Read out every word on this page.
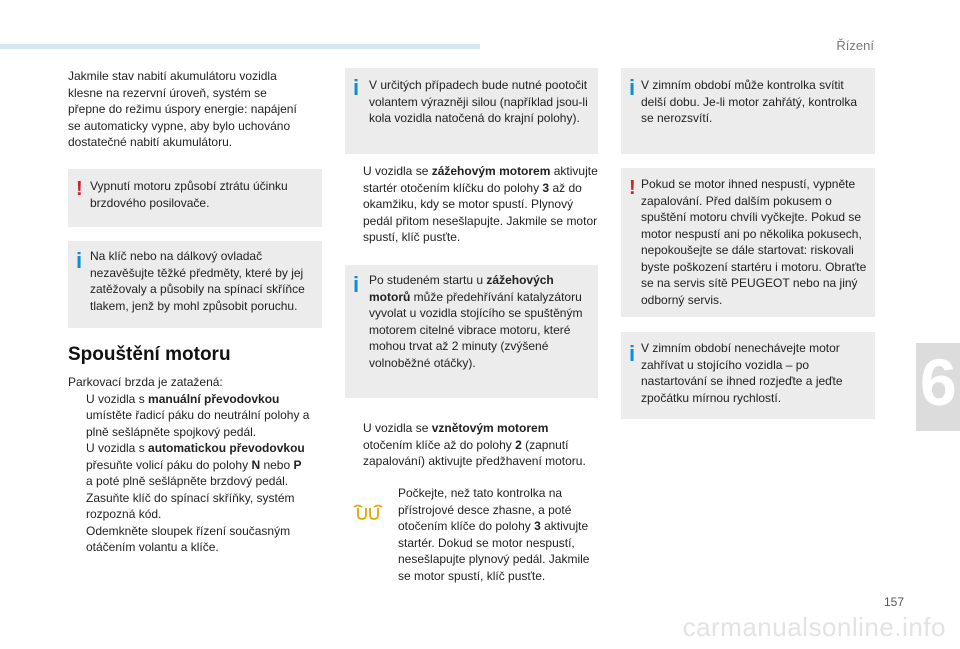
Řízení
6
Jakmile stav nabití akumulátoru vozidla klesne na rezervní úroveň, systém se přepne do režimu úspory energie: napájení se automaticky vypne, aby bylo uchováno dostatečné nabití akumulátoru.
! Vypnutí motoru způsobí ztrátu účinku brzdového posilovače.
i Na klíč nebo na dálkový ovladač nezavěšujte těžké předměty, které by jej zatěžovaly a působily na spínací skříňce tlakem, jenž by mohl způsobit poruchu.
Spouštění motoru
Parkovací brzda je zatažená:
U vozidla s manuální převodovkou
umístěte řadicí páku do neutrální polohy a plně sešlápněte spojkový pedál.
U vozidla s automatickou převodovkou
přesuňte volicí páku do polohy N nebo P
a poté plně sešlápněte brzdový pedál.
Zasuňte klíč do spínací skříňky, systém rozpozná kód.
Odemkněte sloupek řízení současným otáčením volantu a klíče.
i V určitých případech bude nutné pootočit volantem výrazněji silou (například jsou-li kola vozidla natočená do krajní polohy).
U vozidla se zážehovým motorem aktivujte startér otočením klíčku do polohy 3 až do okamžiku, kdy se motor spustí. Plynový pedál přitom nesešlapujte. Jakmile se motor spustí, klíč pusťte.
i Po studeném startu u zážehových motorů může předehřívání katalyzátoru vyvolat u vozidla stojícího se spuštěným motorem citelné vibrace motoru, které mohou trvat až 2 minuty (zvýšené volnoběžné otáčky).
U vozidla se vznětovým motorem otočením klíče až do polohy 2 (zapnutí zapalování) aktivujte předžhavení motoru.
Počkejte, než tato kontrolka na přístrojové desce zhasne, a poté otočením klíče do polohy 3 aktivujte startér. Dokud se motor nespustí, nesešlapujte plynový pedál. Jakmile se motor spustí, klíč pusťte.
i V zimním období může kontrolka svítit delší dobu. Je-li motor zahřátý, kontrolka se nerozsvítí.
! Pokud se motor ihned nespustí, vypněte zapalování. Před dalším pokusem o spuštění motoru chvíli vyčkejte. Pokud se motor nespustí ani po několika pokusech, nepokoušejte se dále startovat: riskovali byste poškození startéru i motoru. Obraťte se na servis sítě PEUGEOT nebo na jiný odborný servis.
i V zimním období nenechávejte motor zahřívat u stojícího vozidla – po nastartování se ihned rozjeďte a jeďte zpočátku mírnou rychlostí.
157
carmanualsonline.info
